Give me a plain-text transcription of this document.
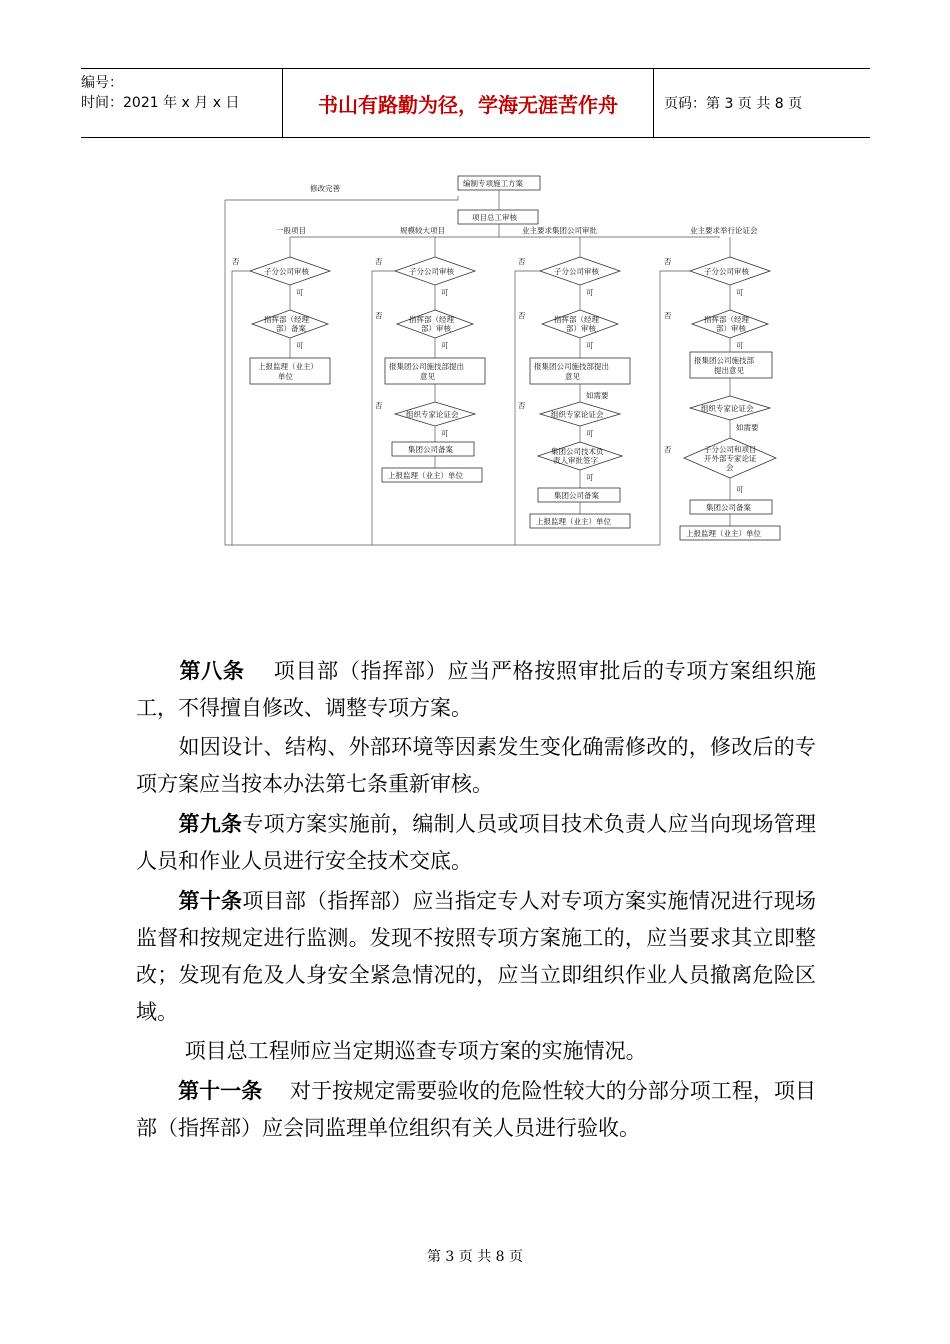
编号：
时间：2021 年 x 月 x 日	书山有路勤为径，学海无涯苦作舟	页码：第 3 页 共 8 页
编制专项施工方案
修改完善
项目总工审核
一般项目	规模较大项目	业主要求集团公司审批	业主要求举行论证会
子分公司审核
否
可
指挥部（经理
部）备案
可
上报监理（业主）
单位
子分公司审核
否
可
否	指挥部（经理
部）审核
可
报集团公司施技部提出
意见
否
组织专家论证会
可
集团公司备案
上报监理（业主）单位
子分公司审核
否
可
否	指挥部（经理
部）审核
可
报集团公司施技部提出
意见
如需要
否
组织专家论证会
可
集团公司技术负
责人审批签字
可
集团公司备案
上报监理（业主）单位
子分公司审核
否
可
否	指挥部（经理
部）审核
可
报集团公司施技部
提出意见
组织专家论证会
如需要
否	子分公司和项目
开外部专家论证
会
可
集团公司备案
上报监理（业主）单位

　　第八条　 项目部（指挥部）应当严格按照审批后的专项方案组织施工，不得擅自修改、调整专项方案。

　　如因设计、结构、外部环境等因素发生变化确需修改的，修改后的专项方案应当按本办法第七条重新审核。

　　第九条专项方案实施前，编制人员或项目技术负责人应当向现场管理人员和作业人员进行安全技术交底。

　　第十条项目部（指挥部）应当指定专人对专项方案实施情况进行现场监督和按规定进行监测。发现不按照专项方案施工的，应当要求其立即整改；发现有危及人身安全紧急情况的，应当立即组织作业人员撤离危险区域。

　　 项目总工程师应当定期巡查专项方案的实施情况。

　　第十一条　 对于按规定需要验收的危险性较大的分部分项工程，项目部（指挥部）应会同监理单位组织有关人员进行验收。

第 3 页 共 8 页
